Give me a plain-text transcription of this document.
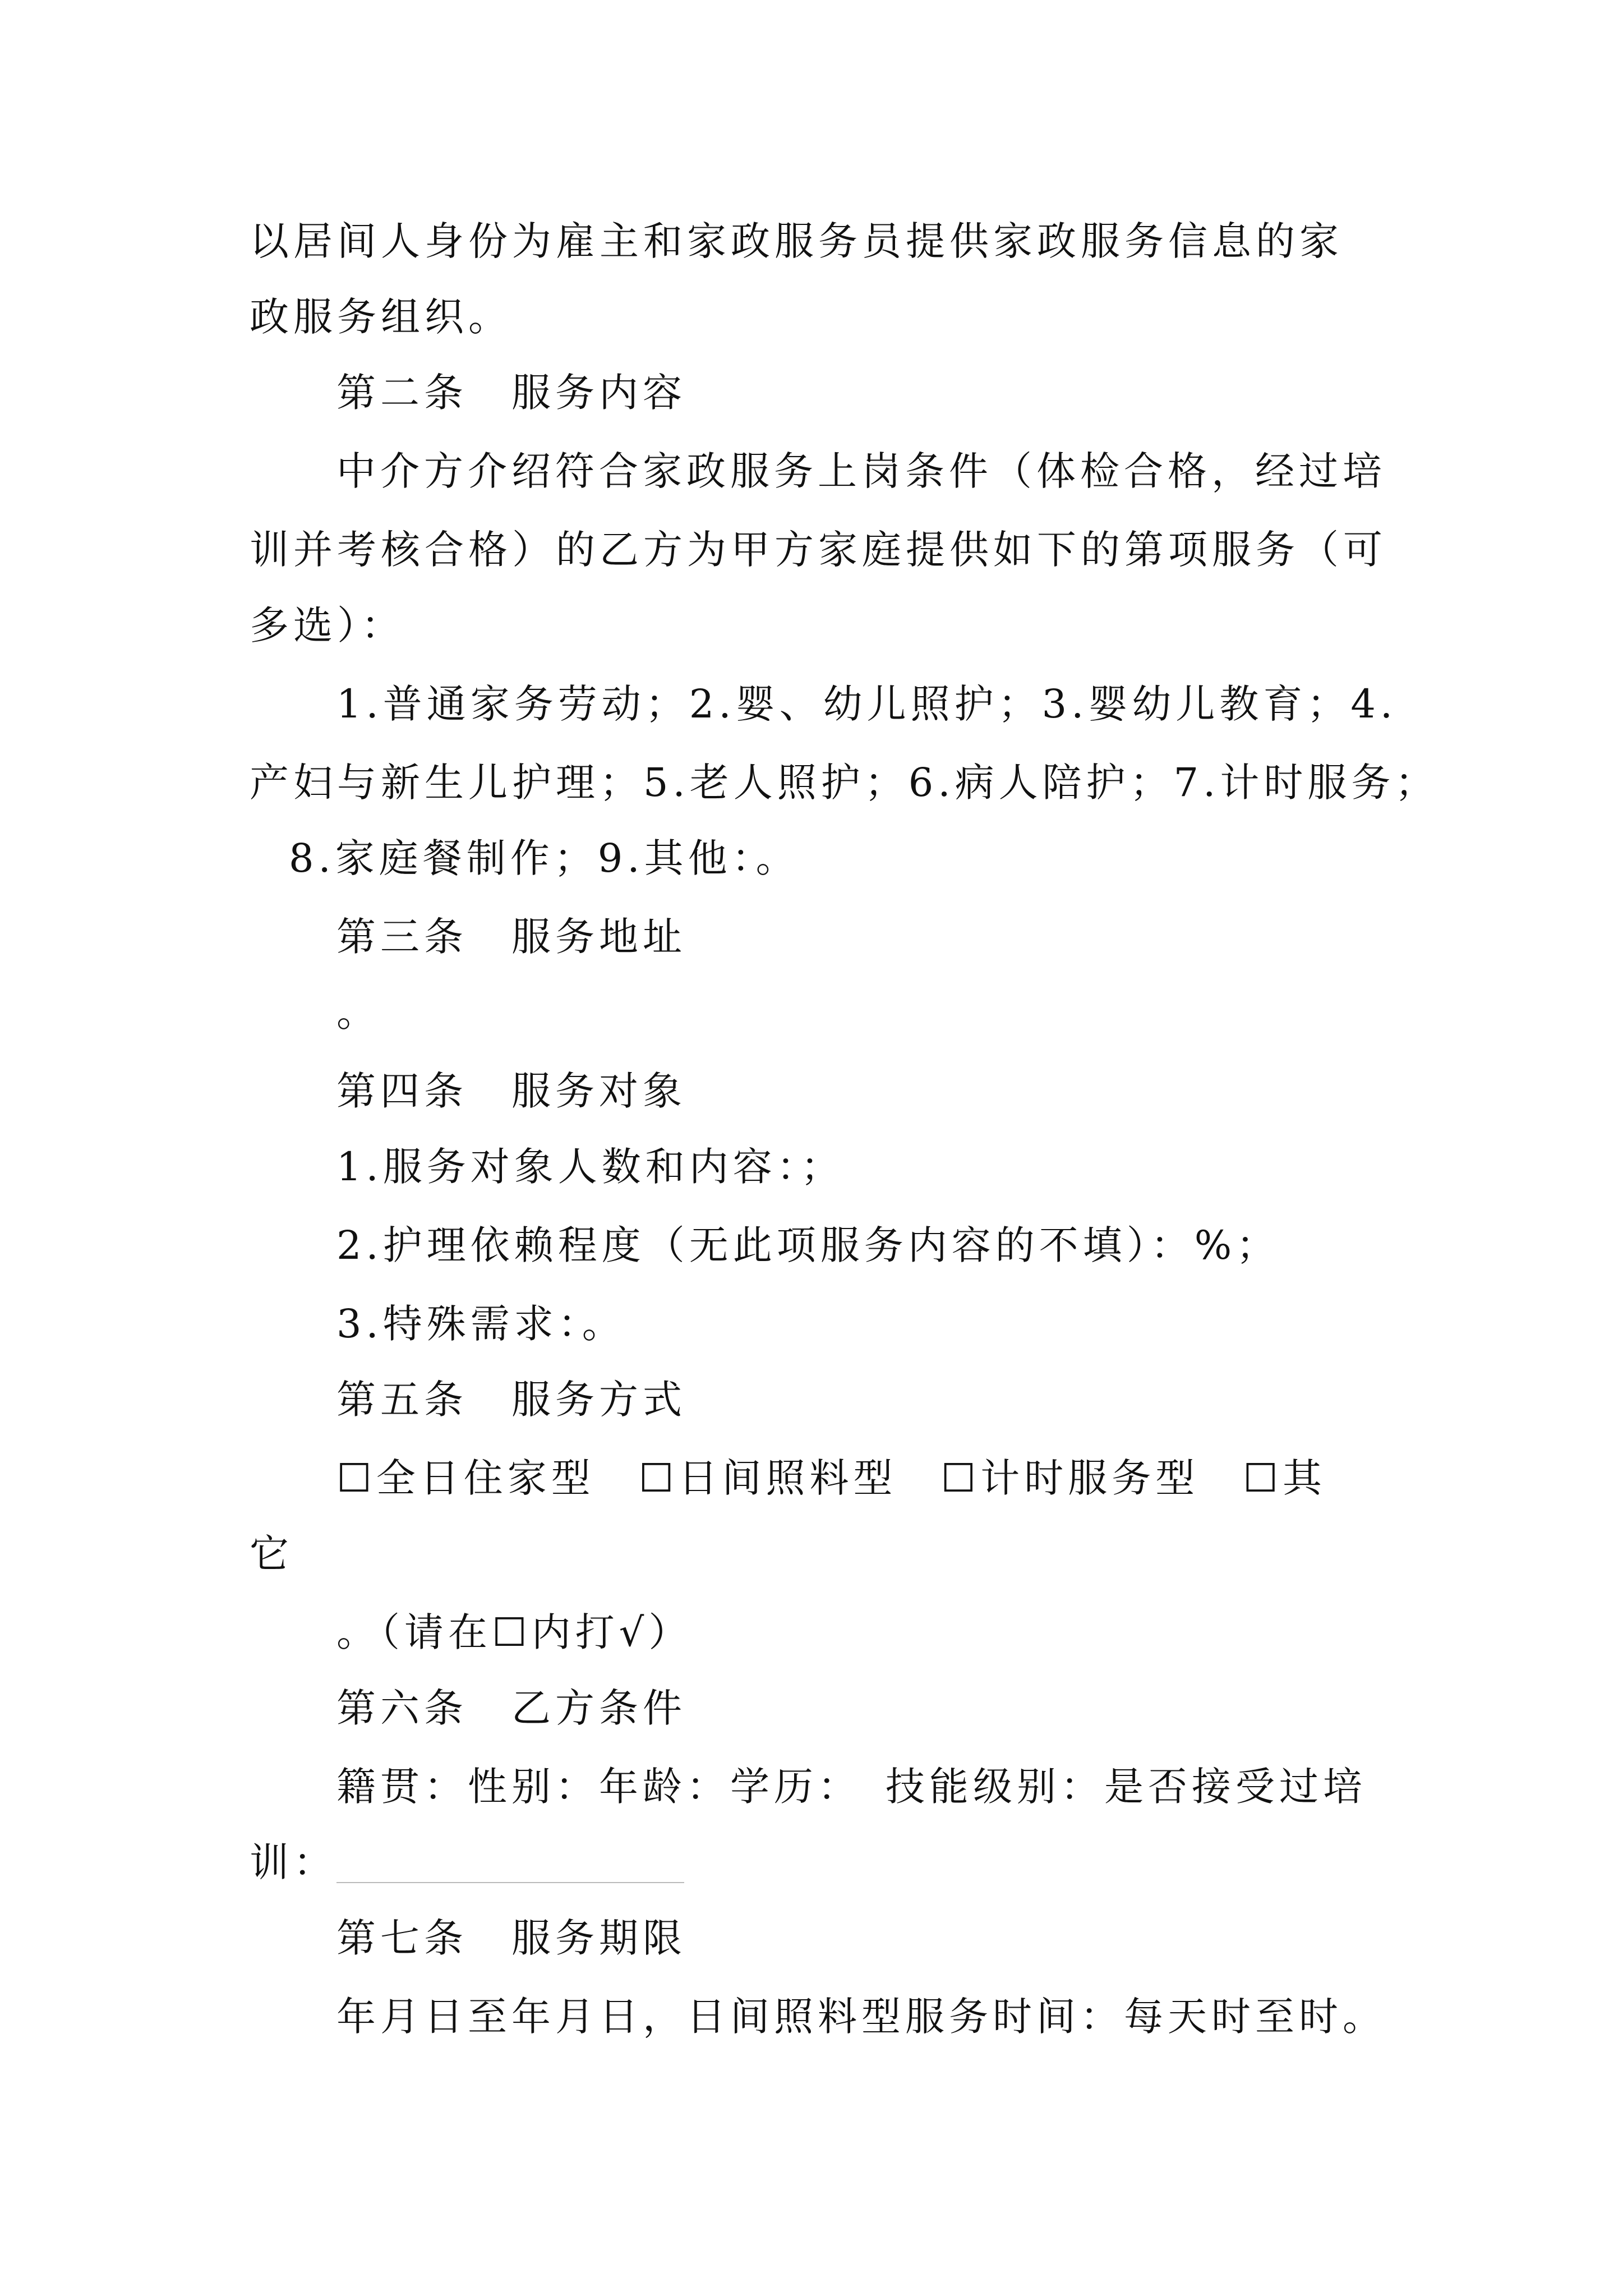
以居间人身份为雇主和家政服务员提供家政服务信息的家

政服务组织。

第二条　服务内容

中介方介绍符合家政服务上岗条件（体检合格，经过培

训并考核合格）的乙方为甲方家庭提供如下的第项服务（可

多选）：

1.普通家务劳动；2.婴、幼儿照护；3.婴幼儿教育；4.

产妇与新生儿护理；5.老人照护；6.病人陪护；7.计时服务；

8.家庭餐制作；9.其他：。

第三条　服务地址

。

第四条　服务对象

1.服务对象人数和内容：；

2.护理依赖程度（无此项服务内容的不填）：%；

3.特殊需求：。

第五条　服务方式

☐全日住家型　☐日间照料型　☐计时服务型　☐其

它

。（请在☐内打√）

第六条　乙方条件

籍贯：性别：年龄：学历：　技能级别：是否接受过培

训：

第七条　服务期限

年月日至年月日，日间照料型服务时间：每天时至时。
